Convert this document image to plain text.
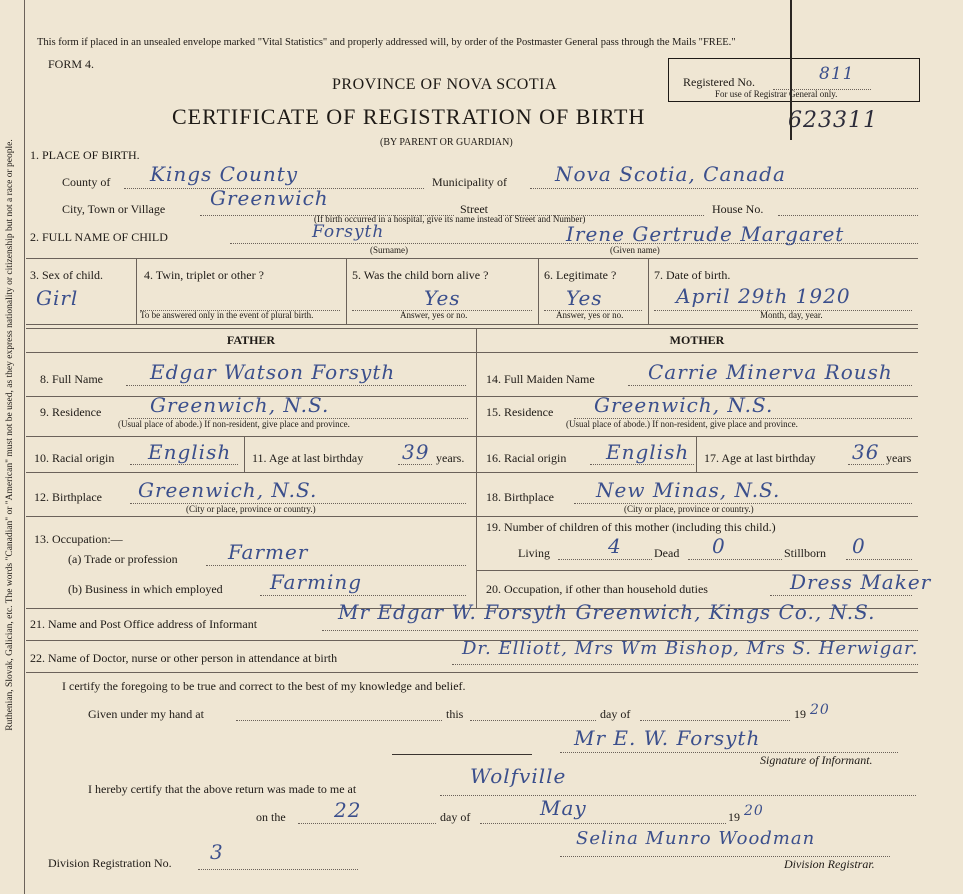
Ruthenian, Slovak, Galician, etc. The words "Canadian" or "American" must not be used, as they express nationality or citizenship but not a race or people.
This form if placed in an unsealed envelope marked "Vital Statistics" and properly addressed will, by order of the Postmaster General pass through the Mails "FREE."
FORM 4.
PROVINCE OF NOVA SCOTIA
CERTIFICATE OF REGISTRATION OF BIRTH
(BY PARENT OR GUARDIAN)
Registered No.	811
For use of Registrar General only.
623311
1. PLACE OF BIRTH.
County of Kings County	Municipality of Nova Scotia, Canada
City, Town or Village Greenwich	Street	House No.
(If birth occurred in a hospital, give its name instead of Street and Number)
2. FULL NAME OF CHILD	Forsyth	Irene Gertrude Margaret
(Surname)	(Given name)
3. Sex of child.
Girl
4. Twin, triplet or other ?
To be answered only in the event of plural birth.
5. Was the child born alive ?
Yes
Answer, yes or no.
6. Legitimate ?
Yes
Answer, yes or no.
7. Date of birth.
April 29th 1920
Month, day, year.
FATHER	MOTHER
8. Full Name Edgar Watson Forsyth
9. Residence Greenwich, N.S.
(Usual place of abode.) If non-resident, give place and province.
10. Racial origin English 11. Age at last birthday 39 years.
12. Birthplace Greenwich, N.S.
(City or place, province or country.)
13. Occupation:—
(a) Trade or profession	Farmer
(b) Business in which employed Farming
14. Full Maiden Name	Carrie Minerva Roush
15. Residence Greenwich, N.S.
(Usual place of abode.) If non-resident, give place and province.
16. Racial origin English 17. Age at last birthday 36 years
18. Birthplace New Minas, N.S.
(City or place, province or country.)
19. Number of children of this mother (including this child.)
Living	4	Dead 0	Stillborn 0
20. Occupation, if other than household duties	Dress Maker
21. Name and Post Office address of Informant	Mr Edgar W. Forsyth Greenwich, Kings Co., N.S.
22. Name of Doctor, nurse or other person in attendance at birth	Dr. Elliott, Mrs Wm Bishop, Mrs S. Herwigar.
I certify the foregoing to be true and correct to the best of my knowledge and belief.
Given under my hand at	this	day of	19 20
Mr E. W. Forsyth
Signature of Informant.
I hereby certify that the above return was made to me at
Wolfville
on the 22	day of	May	19 20
Division Registration No. 3
Selina Munro Woodman
Division Registrar.
